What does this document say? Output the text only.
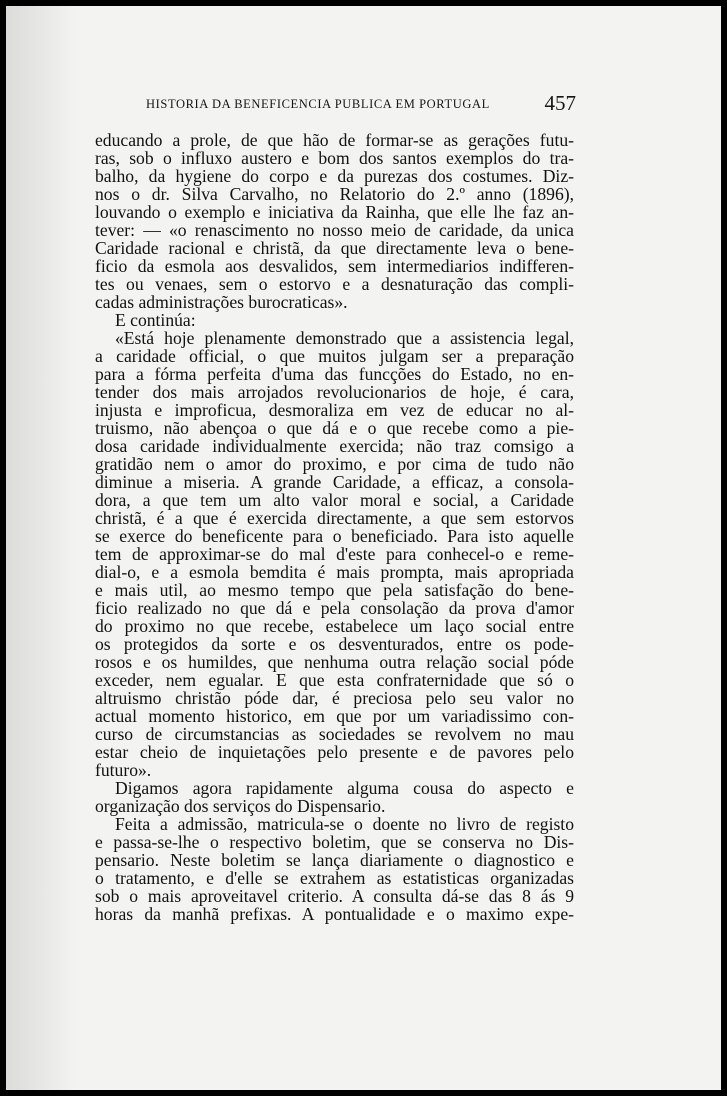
HISTORIA DA BENEFICENCIA PUBLICA EM PORTUGAL	457
educando a prole, de que hão de formar-se as gerações futu-
ras, sob o influxo austero e bom dos santos exemplos do tra-
balho, da hygiene do corpo e da purezas dos costumes. Diz-
nos o dr. Silva Carvalho, no Relatorio do 2.º anno (1896),
louvando o exemplo e iniciativa da Rainha, que elle lhe faz an-
tever: — «o renascimento no nosso meio de caridade, da unica
Caridade racional e christã, da que directamente leva o bene-
ficio da esmola aos desvalidos, sem intermediarios indifferen-
tes ou venaes, sem o estorvo e a desnaturação das compli-
cadas administrações burocraticas».
E continúa:
«Está hoje plenamente demonstrado que a assistencia legal,
a caridade official, o que muitos julgam ser a preparação
para a fórma perfeita d'uma das funcções do Estado, no en-
tender dos mais arrojados revolucionarios de hoje, é cara,
injusta e improficua, desmoraliza em vez de educar no al-
truismo, não abençoa o que dá e o que recebe como a pie-
dosa caridade individualmente exercida; não traz comsigo a
gratidão nem o amor do proximo, e por cima de tudo não
diminue a miseria. A grande Caridade, a efficaz, a consola-
dora, a que tem um alto valor moral e social, a Caridade
christã, é a que é exercida directamente, a que sem estorvos
se exerce do beneficente para o beneficiado. Para isto aquelle
tem de approximar-se do mal d'este para conhecel-o e reme-
dial-o, e a esmola bemdita é mais prompta, mais apropriada
e mais util, ao mesmo tempo que pela satisfação do bene-
ficio realizado no que dá e pela consolação da prova d'amor
do proximo no que recebe, estabelece um laço social entre
os protegidos da sorte e os desventurados, entre os pode-
rosos e os humildes, que nenhuma outra relação social póde
exceder, nem egualar. E que esta confraternidade que só o
altruismo christão póde dar, é preciosa pelo seu valor no
actual momento historico, em que por um variadissimo con-
curso de circumstancias as sociedades se revolvem no mau
estar cheio de inquietações pelo presente e de pavores pelo
futuro».
Digamos agora rapidamente alguma cousa do aspecto e
organização dos serviços do Dispensario.
Feita a admissão, matricula-se o doente no livro de registo
e passa-se-lhe o respectivo boletim, que se conserva no Dis-
pensario. Neste boletim se lança diariamente o diagnostico e
o tratamento, e d'elle se extrahem as estatisticas organizadas
sob o mais aproveitavel criterio. A consulta dá-se das 8 ás 9
horas da manhã prefixas. A pontualidade e o maximo expe-
